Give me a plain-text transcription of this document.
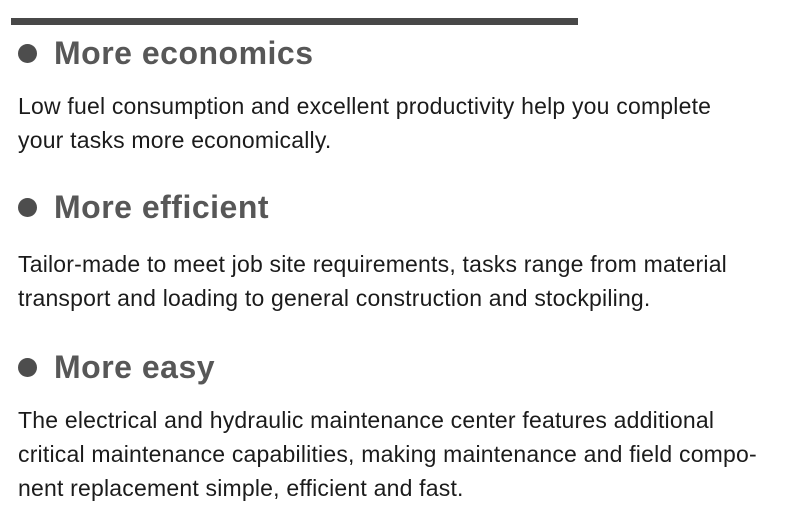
More economics
Low fuel consumption and excellent productivity help you complete
your tasks more economically.
More efficient
Tailor-made to meet job site requirements, tasks range from material
transport and loading to general construction and stockpiling.
More easy
The electrical and hydraulic maintenance center features additional
critical maintenance capabilities, making maintenance and field compo-
nent replacement simple, efficient and fast.
